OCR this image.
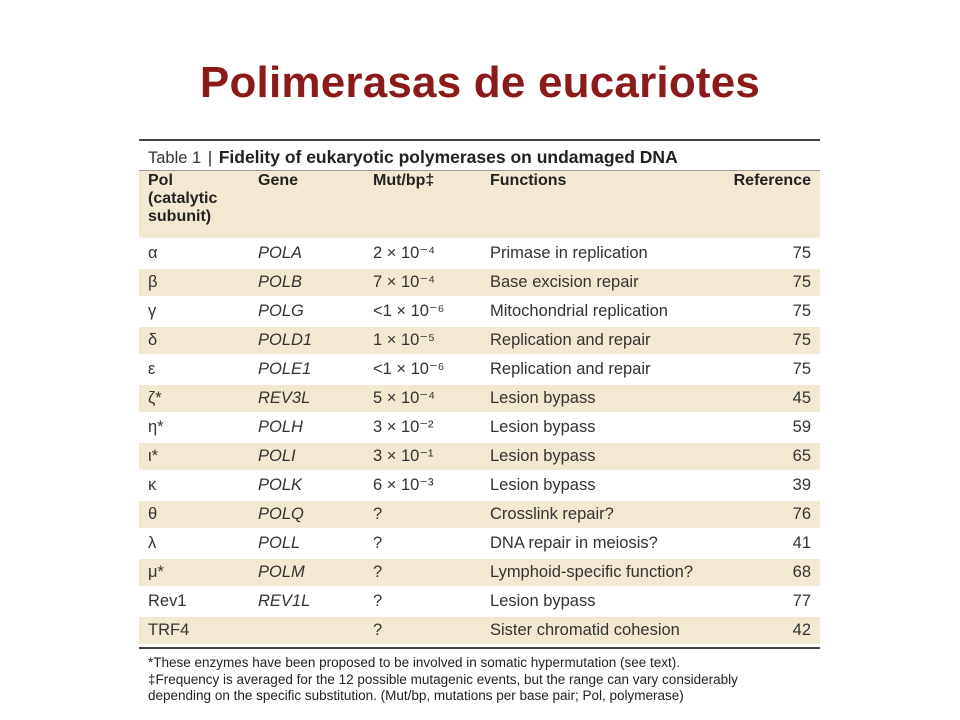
Polimerasas de eucariotes
Table 1 | Fidelity of eukaryotic polymerases on undamaged DNA
Pol
(catalytic
subunit)	Gene	Mut/bp‡	Functions	Reference
α	POLA	2 × 10⁻⁴	Primase in replication	75
β	POLB	7 × 10⁻⁴	Base excision repair	75
γ	POLG	<1 × 10⁻⁶	Mitochondrial replication	75
δ	POLD1	1 × 10⁻⁵	Replication and repair	75
ε	POLE1	<1 × 10⁻⁶	Replication and repair	75
ζ*	REV3L	5 × 10⁻⁴	Lesion bypass	45
η*	POLH	3 × 10⁻²	Lesion bypass	59
ι*	POLI	3 × 10⁻¹	Lesion bypass	65
κ	POLK	6 × 10⁻³	Lesion bypass	39
θ	POLQ	?	Crosslink repair?	76
λ	POLL	?	DNA repair in meiosis?	41
μ*	POLM	?	Lymphoid-specific function?	68
Rev1	REV1L	?	Lesion bypass	77
TRF4		?	Sister chromatid cohesion	42
*These enzymes have been proposed to be involved in somatic hypermutation (see text).
‡Frequency is averaged for the 12 possible mutagenic events, but the range can vary considerably
depending on the specific substitution. (Mut/bp, mutations per base pair; Pol, polymerase)
